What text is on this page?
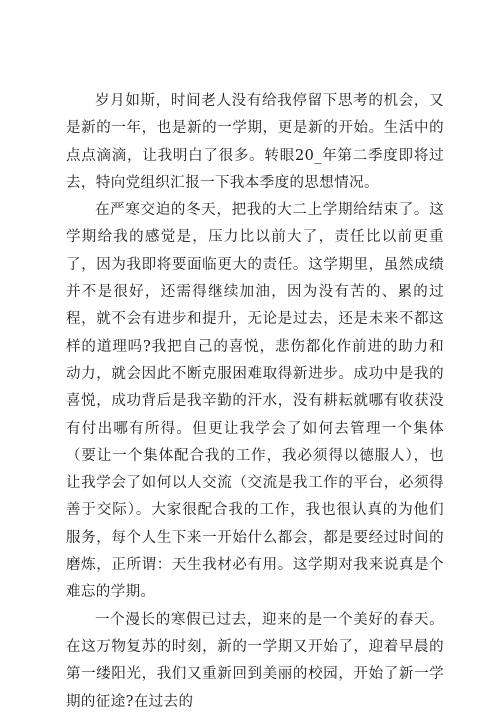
岁月如斯，时间老人没有给我停留下思考的机会，又是新的一年，也是新的一学期，更是新的开始。生活中的点点滴滴，让我明白了很多。转眼20_年第二季度即将过去，特向党组织汇报一下我本季度的思想情况。

在严寒交迫的冬天，把我的大二上学期给结束了。这学期给我的感觉是，压力比以前大了，责任比以前更重了，因为我即将要面临更大的责任。这学期里，虽然成绩并不是很好，还需得继续加油，因为没有苦的、累的过程，就不会有进步和提升，无论是过去，还是未来不都这样的道理吗?我把自己的喜悦，悲伤都化作前进的助力和动力，就会因此不断克服困难取得新进步。成功中是我的喜悦，成功背后是我辛勤的汗水，没有耕耘就哪有收获没有付出哪有所得。但更让我学会了如何去管理一个集体（要让一个集体配合我的工作，我必须得以德服人），也让我学会了如何以人交流（交流是我工作的平台，必须得善于交际）。大家很配合我的工作，我也很认真的为他们服务，每个人生下来一开始什么都会，都是要经过时间的磨炼，正所谓：天生我材必有用。这学期对我来说真是个难忘的学期。

一个漫长的寒假已过去，迎来的是一个美好的春天。在这万物复苏的时刻，新的一学期又开始了，迎着早晨的第一缕阳光，我们又重新回到美丽的校园，开始了新一学期的征途?在过去的
